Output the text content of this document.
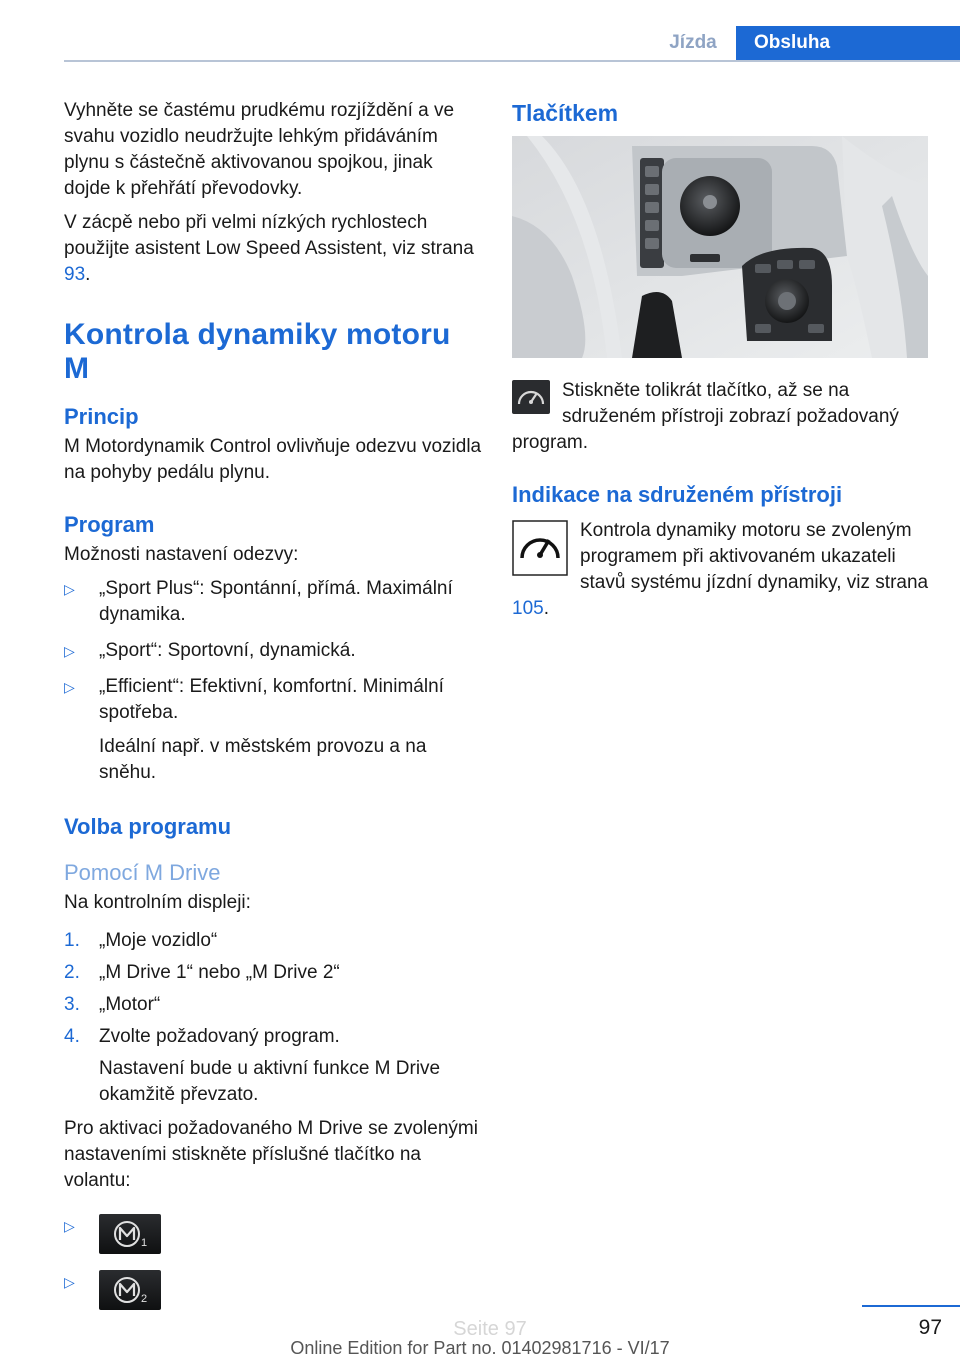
Jízda	Obsluha

Vyhněte se častému prudkému rozjíždění a ve svahu vozidlo neudržujte lehkým přidáváním plynu s částečně aktivovanou spojkou, jinak dojde k přehřátí převodovky.

V zácpě nebo při velmi nízkých rychlostech použijte asistent Low Speed Assistent, viz strana 93.

Kontrola dynamiky motoru M
Princip

M Motordynamik Control ovlivňuje odezvu vozidla na pohyby pedálu plynu.

Program

Možnosti nastavení odezvy:

▷ „Sport Plus“: Spontánní, přímá. Maximální dynamika.
▷ „Sport“: Sportovní, dynamická.
▷ „Efficient“: Efektivní, komfortní. Minimální spotřeba.
Ideální např. v městském provozu a na sněhu.
Volba programu
Pomocí M Drive

Na kontrolním displeji:

1. „Moje vozidlo“
2. „M Drive 1“ nebo „M Drive 2“
3. „Motor“
4. Zvolte požadovaný program.
Nastavení bude u aktivní funkce M Drive okamžitě převzato.

Pro aktivaci požadovaného M Drive se zvolenými nastaveními stiskněte příslušné tlačítko na volantu:

▷
1
▷
2
Tlačítkem
Stiskněte tolikrát tlačítko, až se na sdruženém přístroji zobrazí požadovaný program.
Indikace na sdruženém přístroji
Kontrola dynamiky motoru se zvoleným programem při aktivovaném ukazateli stavů systému jízdní dynamiky, viz strana 105.
97
Seite 97
Online Edition for Part no. 01402981716 - VI/17
